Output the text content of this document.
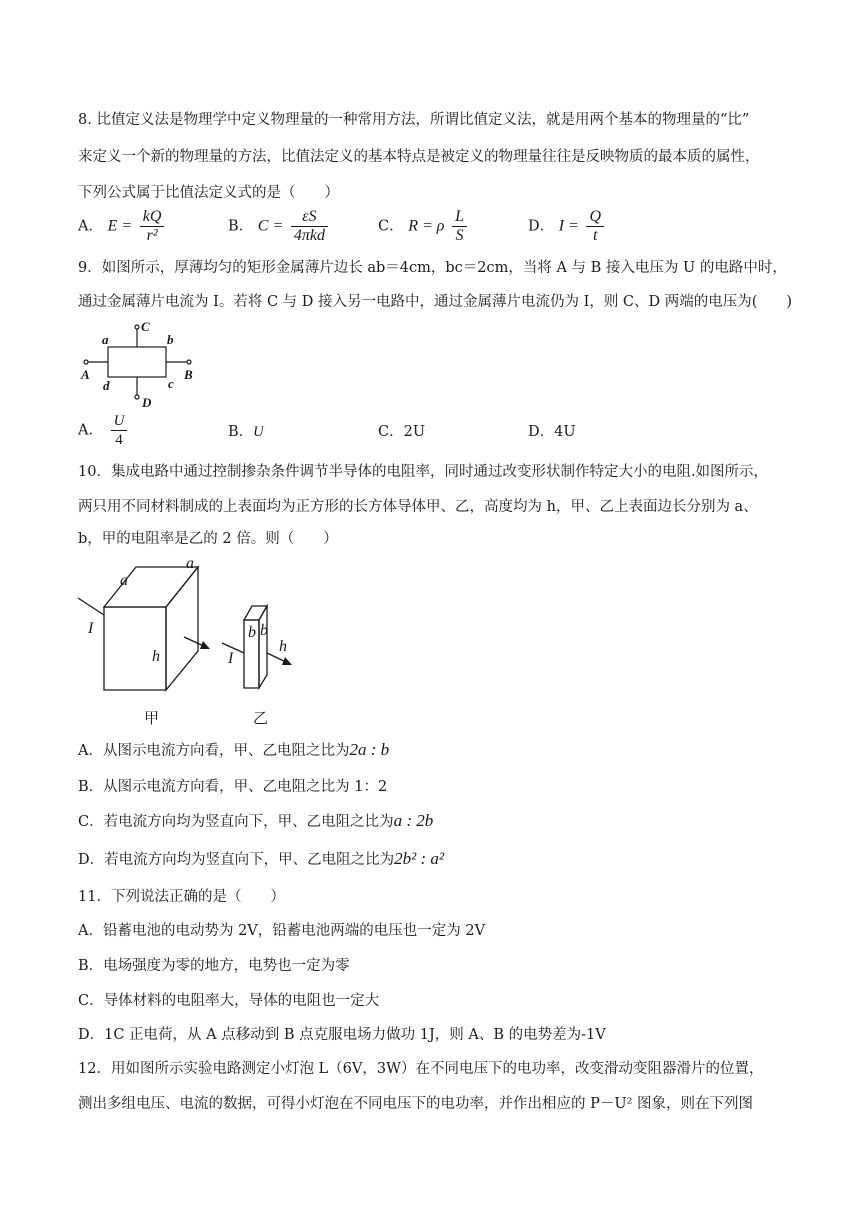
8. 比值定义法是物理学中定义物理量的一种常用方法，所谓比值定义法，就是用两个基本的物理量的“比”
来定义一个新的物理量的方法，比值法定义的基本特点是被定义的物理量往往是反映物质的最本质的属性，
下列公式属于比值法定义式的是（　　）
A． $E = \frac{kQ}{\text{r²}}$	B． $C = \frac{\varepsilon S}{\text{4πkd}}$	C． R = ρ $\frac{L}{S}$	D． $I = \frac{Q}{t}$
9．如图所示，厚薄均匀的矩形金属薄片边长 ab＝4cm，bc＝2cm，当将 A 与 B 接入电压为 U 的电路中时，
通过金属薄片电流为 I。若将 C 与 D 接入另一电路中，通过金属薄片电流仍为 I，则 C、D 两端的电压为(　　)
C
D
A	B
a	b
c
d
A． $\frac{U}{4}$	B．U	C．2U	D．4U
10．集成电路中通过控制掺杂条件调节半导体的电阻率，同时通过改变形状制作特定大小的电阻.如图所示，
两只用不同材料制成的上表面均为正方形的长方体导体甲、乙，高度均为 h，甲、乙上表面边长分别为 a、
b，甲的电阻率是乙的 2 倍。则（　　）
a
a
h
I	b b
h
I
甲	乙
A．从图示电流方向看，甲、乙电阻之比为2a : b
B．从图示电流方向看，甲、乙电阻之比为 1：2
C．若电流方向均为竖直向下，甲、乙电阻之比为a : 2b
D．若电流方向均为竖直向下，甲、乙电阻之比为2b² : a²
11．下列说法正确的是（　　）
A．铅蓄电池的电动势为 2V，铅蓄电池两端的电压也一定为 2V
B．电场强度为零的地方，电势也一定为零
C．导体材料的电阻率大，导体的电阻也一定大
D．1C 正电荷，从 A 点移动到 B 点克服电场力做功 1J，则 A、B 的电势差为-1V
12．用如图所示实验电路测定小灯泡 L（6V，3W）在不同电压下的电功率，改变滑动变阻器滑片的位置，
测出多组电压、电流的数据，可得小灯泡在不同电压下的电功率，并作出相应的 P－U² 图象，则在下列图
